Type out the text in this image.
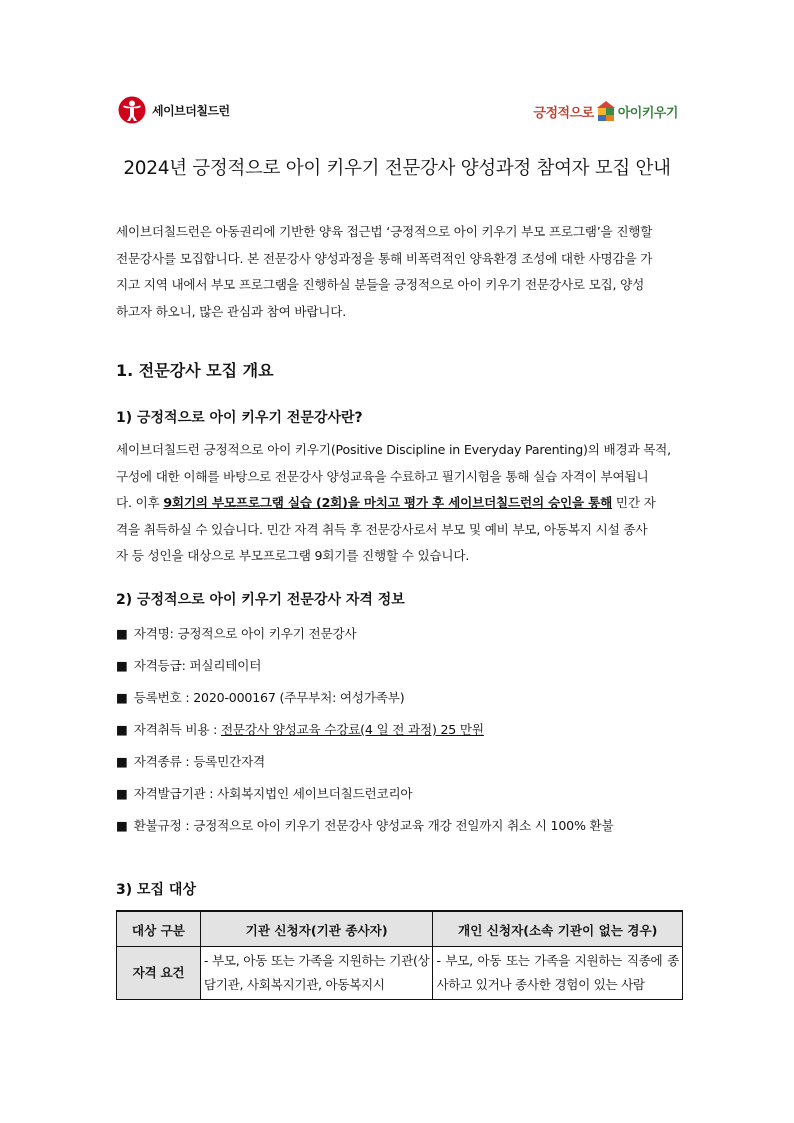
세이브더칠드런	긍정적으로 아이키우기
2024년 긍정적으로 아이 키우기 전문강사 양성과정 참여자 모집 안내
세이브더칠드런은 아동권리에 기반한 양육 접근법 ‘긍정적으로 아이 키우기 부모 프로그램’을 진행할
전문강사를 모집합니다. 본 전문강사 양성과정을 통해 비폭력적인 양육환경 조성에 대한 사명감을 가
지고 지역 내에서 부모 프로그램을 진행하실 분들을 긍정적으로 아이 키우기 전문강사로 모집, 양성
하고자 하오니, 많은 관심과 참여 바랍니다.
1. 전문강사 모집 개요
1) 긍정적으로 아이 키우기 전문강사란?
세이브더칠드런 긍정적으로 아이 키우기(Positive Discipline in Everyday Parenting)의 배경과 목적,
구성에 대한 이해를 바탕으로 전문강사 양성교육을 수료하고 필기시험을 통해 실습 자격이 부여됩니
다. 이후 9회기의 부모프로그램 실습 (2회)을 마치고 평가 후 세이브더칠드런의 승인을 통해 민간 자
격을 취득하실 수 있습니다. 민간 자격 취득 후 전문강사로서 부모 및 예비 부모, 아동복지 시설 종사
자 등 성인을 대상으로 부모프로그램 9회기를 진행할 수 있습니다.
2) 긍정적으로 아이 키우기 전문강사 자격 정보
■ 자격명: 긍정적으로 아이 키우기 전문강사
■ 자격등급: 퍼실리테이터
■ 등록번호 : 2020-000167 (주무부처: 여성가족부)
■ 자격취득 비용 : 전문강사 양성교육 수강료(4 일 전 과정) 25 만원
■ 자격종류 : 등록민간자격
■ 자격발급기관 : 사회복지법인 세이브더칠드런코리아
■ 환불규정 : 긍정적으로 아이 키우기 전문강사 양성교육 개강 전일까지 취소 시 100% 환불
3) 모집 대상
대상 구분	기관 신청자(기관 종사자)	개인 신청자(소속 기관이 없는 경우)
자격 요건	- 부모, 아동 또는 가족을 지원하는 기관(상담기관, 사회복지기관, 아동복지시	- 부모, 아동 또는 가족을 지원하는 직종에 종사하고 있거나 종사한 경험이 있는 사람
